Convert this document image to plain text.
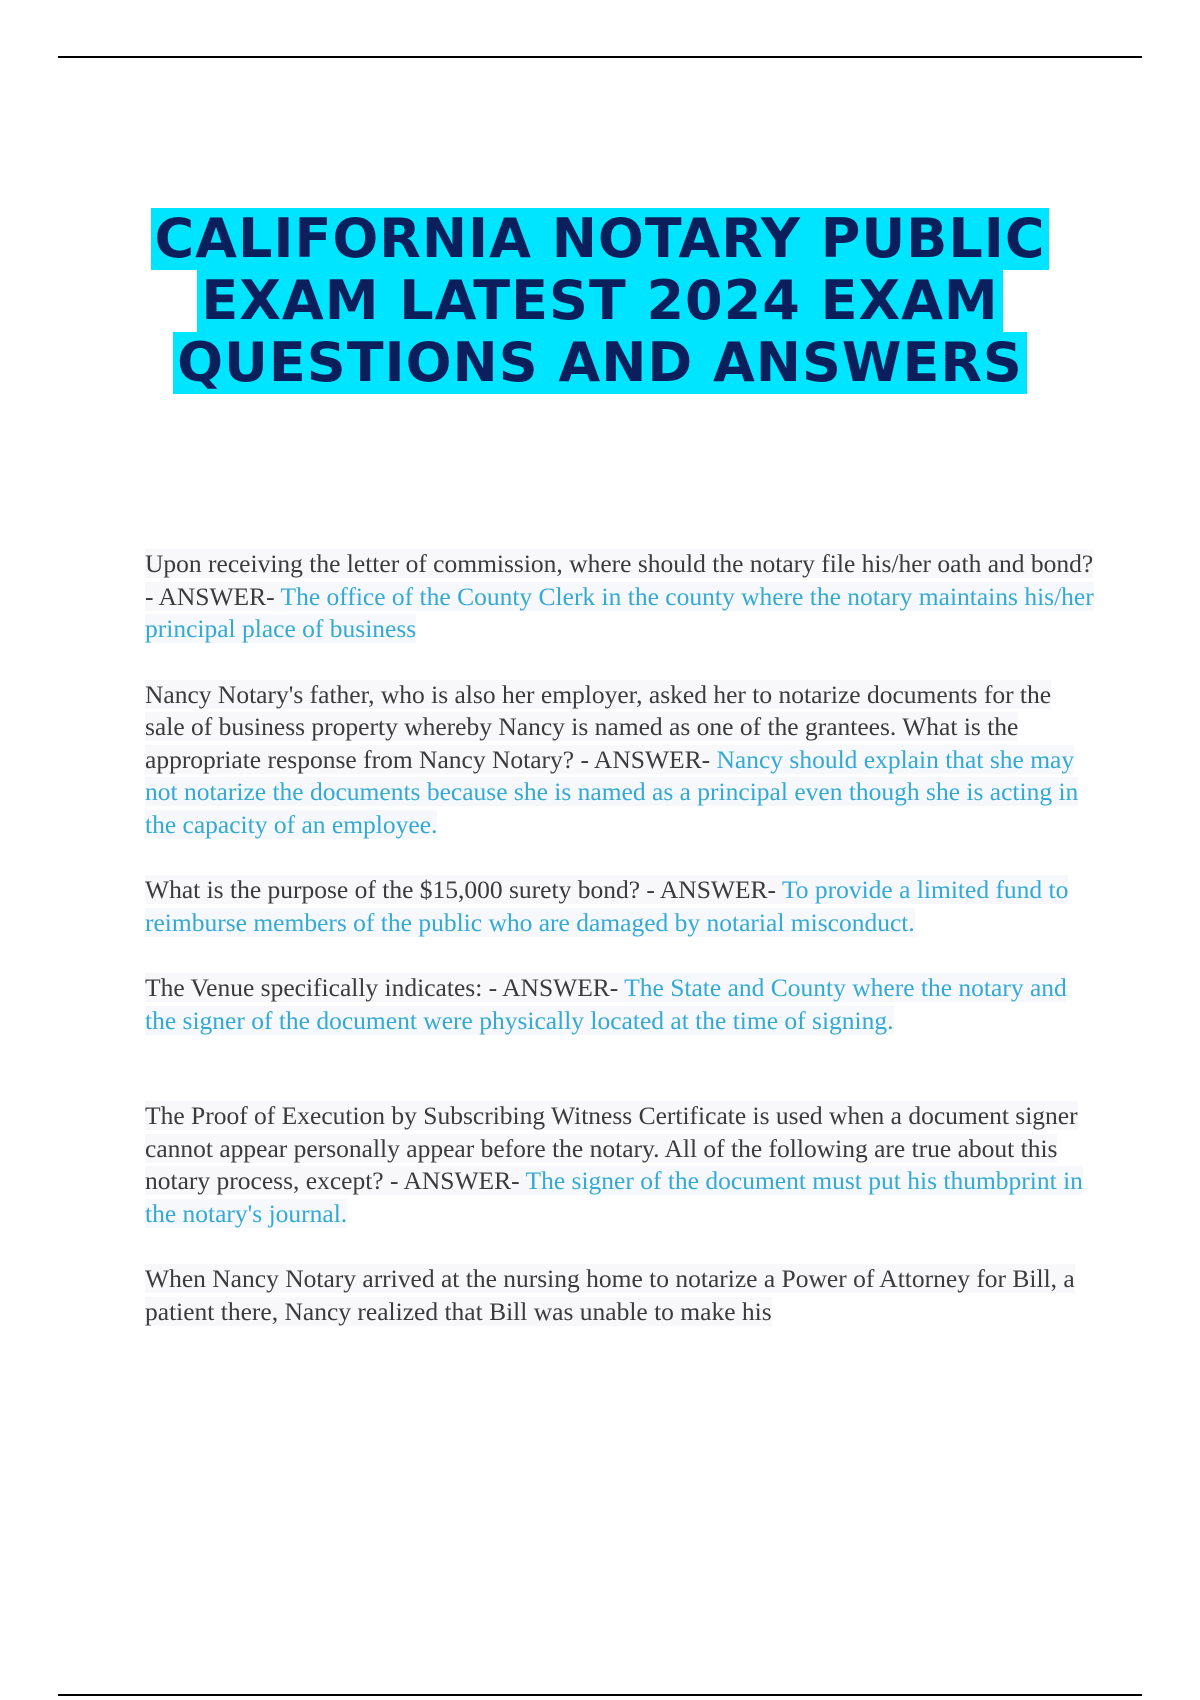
CALIFORNIA NOTARY PUBLIC
EXAM LATEST 2024 EXAM
QUESTIONS AND ANSWERS

Upon receiving the letter of commission, where should the notary file his/her oath and bond? - ANSWER- The office of the County Clerk in the county where the notary maintains his/her principal place of business

Nancy Notary's father, who is also her employer, asked her to notarize documents for the sale of business property whereby Nancy is named as one of the grantees. What is the appropriate response from Nancy Notary? - ANSWER- Nancy should explain that she may not notarize the documents because she is named as a principal even though she is acting in the capacity of an employee.

What is the purpose of the $15,000 surety bond? - ANSWER- To provide a limited fund to reimburse members of the public who are damaged by notarial misconduct.

The Venue specifically indicates: - ANSWER- The State and County where the notary and the signer of the document were physically located at the time of signing.

The Proof of Execution by Subscribing Witness Certificate is used when a document signer cannot appear personally appear before the notary. All of the following are true about this notary process, except? - ANSWER- The signer of the document must put his thumbprint in the notary's journal.

When Nancy Notary arrived at the nursing home to notarize a Power of Attorney for Bill, a patient there, Nancy realized that Bill was unable to make his
